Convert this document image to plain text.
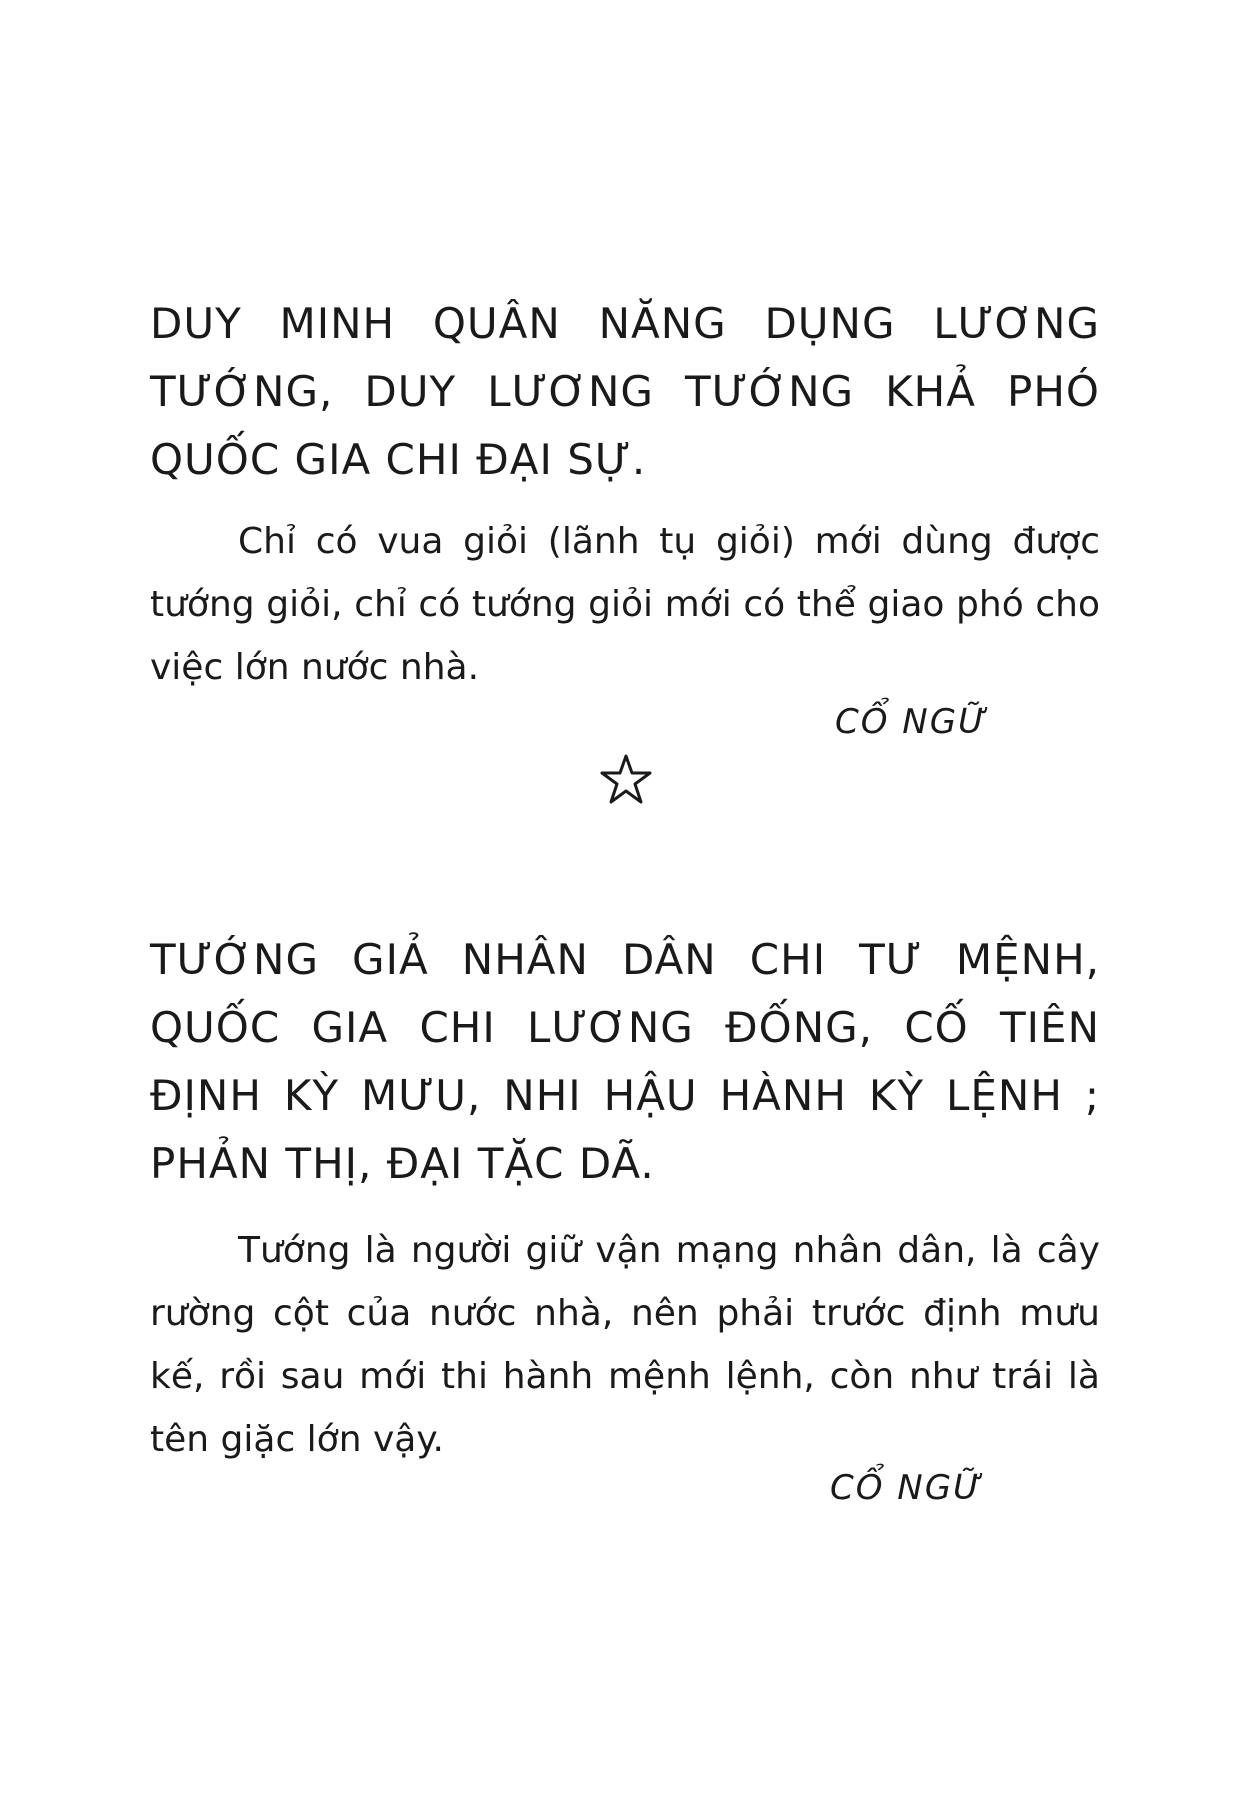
DUY MINH QUÂN NĂNG DỤNG LƯƠNG TƯỚNG, DUY LƯƠNG TƯỚNG KHẢ PHÓ QUỐC GIA CHI ĐẠI SỰ.

Chỉ có vua giỏi (lãnh tụ giỏi) mới dùng được tướng giỏi, chỉ có tướng giỏi mới có thể giao phó cho việc lớn nước nhà.

CỔ NGỮ

TƯỚNG GIẢ NHÂN DÂN CHI TƯ MỆNH, QUỐC GIA CHI LƯƠNG ĐỐNG, CỐ TIÊN ĐỊNH KỲ MƯU, NHI HẬU HÀNH KỲ LỆNH ; PHẢN THỊ, ĐẠI TẶC DÃ.

Tướng là người giữ vận mạng nhân dân, là cây rường cột của nước nhà, nên phải trước định mưu kế, rồi sau mới thi hành mệnh lệnh, còn như trái là tên giặc lớn vậy.

CỔ NGỮ
